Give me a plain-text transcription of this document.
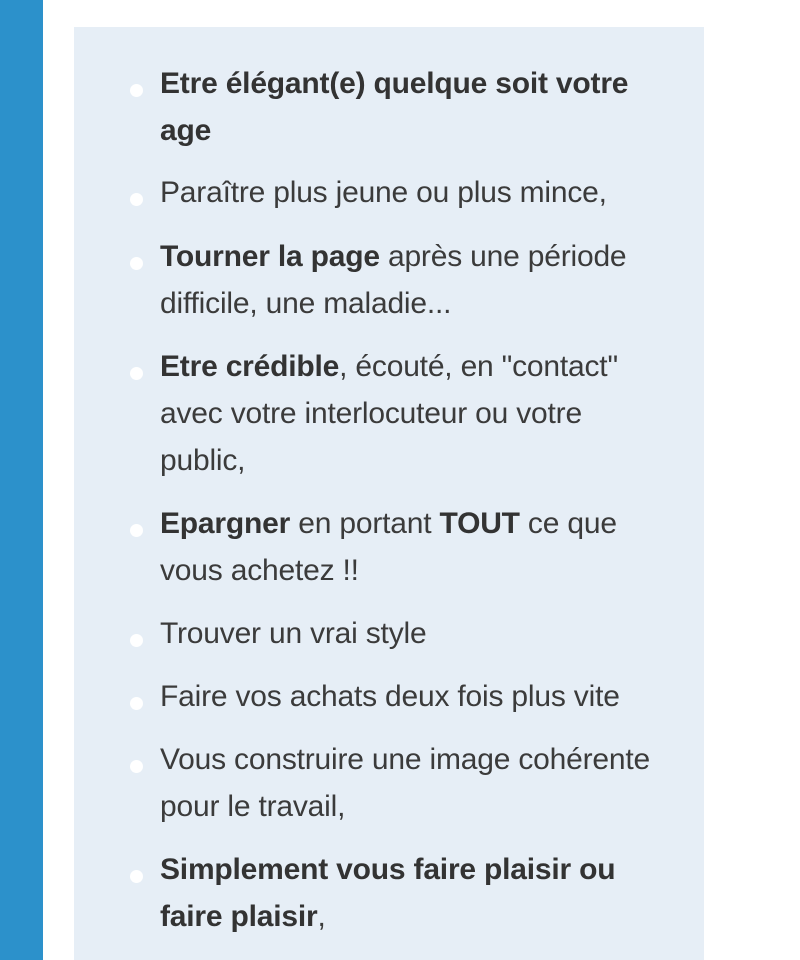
Etre élégant(e) quelque soit votre
age
Paraître plus jeune ou plus mince,
Tourner la page après une période
difficile, une maladie...
Etre crédible, écouté, en "contact"
avec votre interlocuteur ou votre
public,
Epargner en portant TOUT ce que
vous achetez !!
Trouver un vrai style
Faire vos achats deux fois plus vite
Vous construire une image cohérente
pour le travail,
Simplement vous faire plaisir ou
faire plaisir,
